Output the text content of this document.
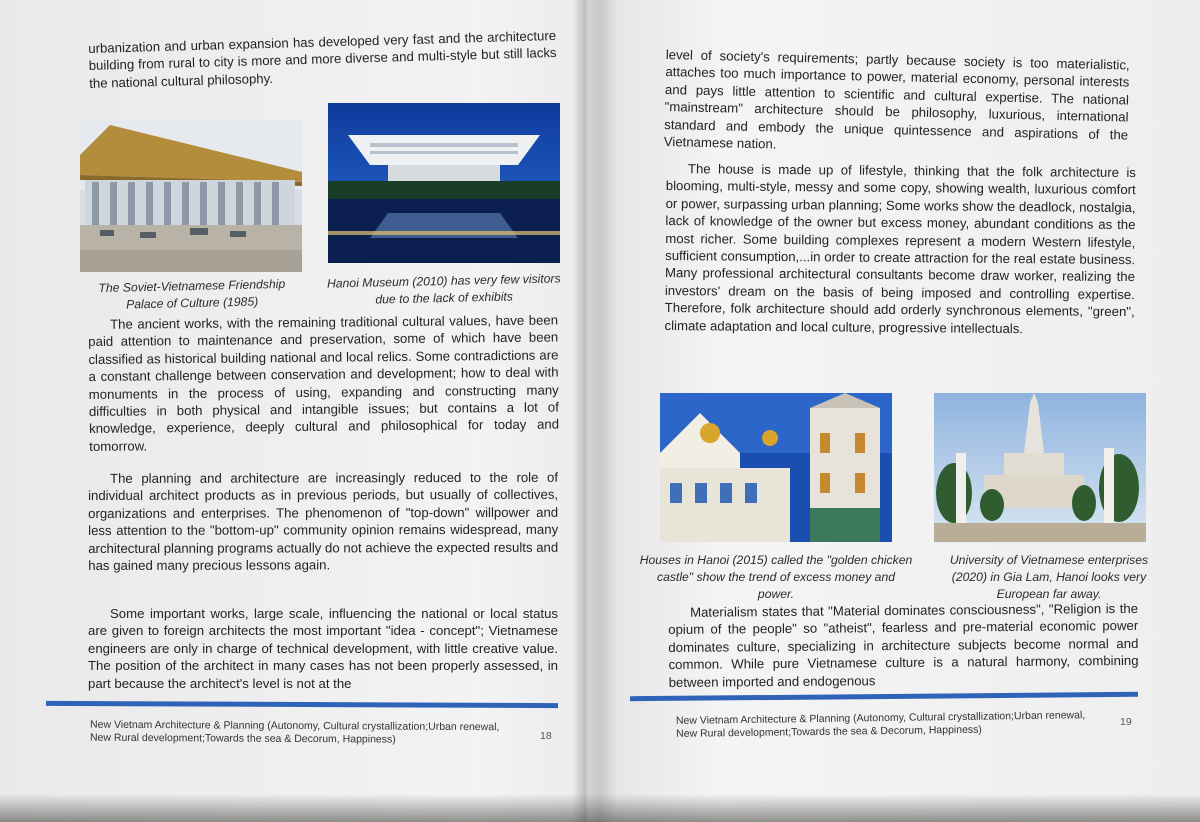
urbanization and urban expansion has developed very fast and the architecture building from rural to city is more and more diverse and multi-style but still lacks the national cultural philosophy.

The Soviet-Vietnamese Friendship Palace of Culture (1985)
Hanoi Museum (2010) has very few visitors due to the lack of exhibits

The ancient works, with the remaining traditional cultural values, have been paid attention to maintenance and preservation, some of which have been classified as historical building national and local relics. Some contradictions are a constant challenge between conservation and development; how to deal with monuments in the process of using, expanding and constructing many difficulties in both physical and intangible issues; but contains a lot of knowledge, experience, deeply cultural and philosophical for today and tomorrow.

The planning and architecture are increasingly reduced to the role of individual architect products as in previous periods, but usually of collectives, organizations and enterprises. The phenomenon of "top-down" willpower and less attention to the "bottom-up" community opinion remains widespread, many architectural planning programs actually do not achieve the expected results and has gained many precious lessons again.

Some important works, large scale, influencing the national or local status are given to foreign architects the most important "idea - concept"; Vietnamese engineers are only in charge of technical development, with little creative value. The position of the architect in many cases has not been properly assessed, in part because the architect's level is not at the

New Vietnam Architecture & Planning (Autonomy, Cultural crystallization;Urban renewal, New Rural development;Towards the sea & Decorum, Happiness)	18

level of society's requirements; partly because society is too materialistic, attaches too much importance to power, material economy, personal interests and pays little attention to scientific and cultural expertise. The national "mainstream" architecture should be philosophy, luxurious, international standard and embody the unique quintessence and aspirations of the Vietnamese nation.

The house is made up of lifestyle, thinking that the folk architecture is blooming, multi-style, messy and some copy, showing wealth, luxurious comfort or power, surpassing urban planning; Some works show the deadlock, nostalgia, lack of knowledge of the owner but excess money, abundant conditions as the most richer. Some building complexes represent a modern Western lifestyle, sufficient consumption,...in order to create attraction for the real estate business. Many professional architectural consultants become draw worker, realizing the investors' dream on the basis of being imposed and controlling expertise. Therefore, folk architecture should add orderly synchronous elements, "green", climate adaptation and local culture, progressive intellectuals.

Houses in Hanoi (2015) called the "golden chicken castle" show the trend of excess money and power.
University of Vietnamese enterprises (2020) in Gia Lam, Hanoi looks very European far away.

Materialism states that "Material dominates consciousness", "Religion is the opium of the people" so "atheist", fearless and pre-material economic power dominates culture, specializing in architecture subjects become normal and common. While pure Vietnamese culture is a natural harmony, combining between imported and endogenous

New Vietnam Architecture & Planning (Autonomy, Cultural crystallization;Urban renewal, New Rural development;Towards the sea & Decorum, Happiness)
19
